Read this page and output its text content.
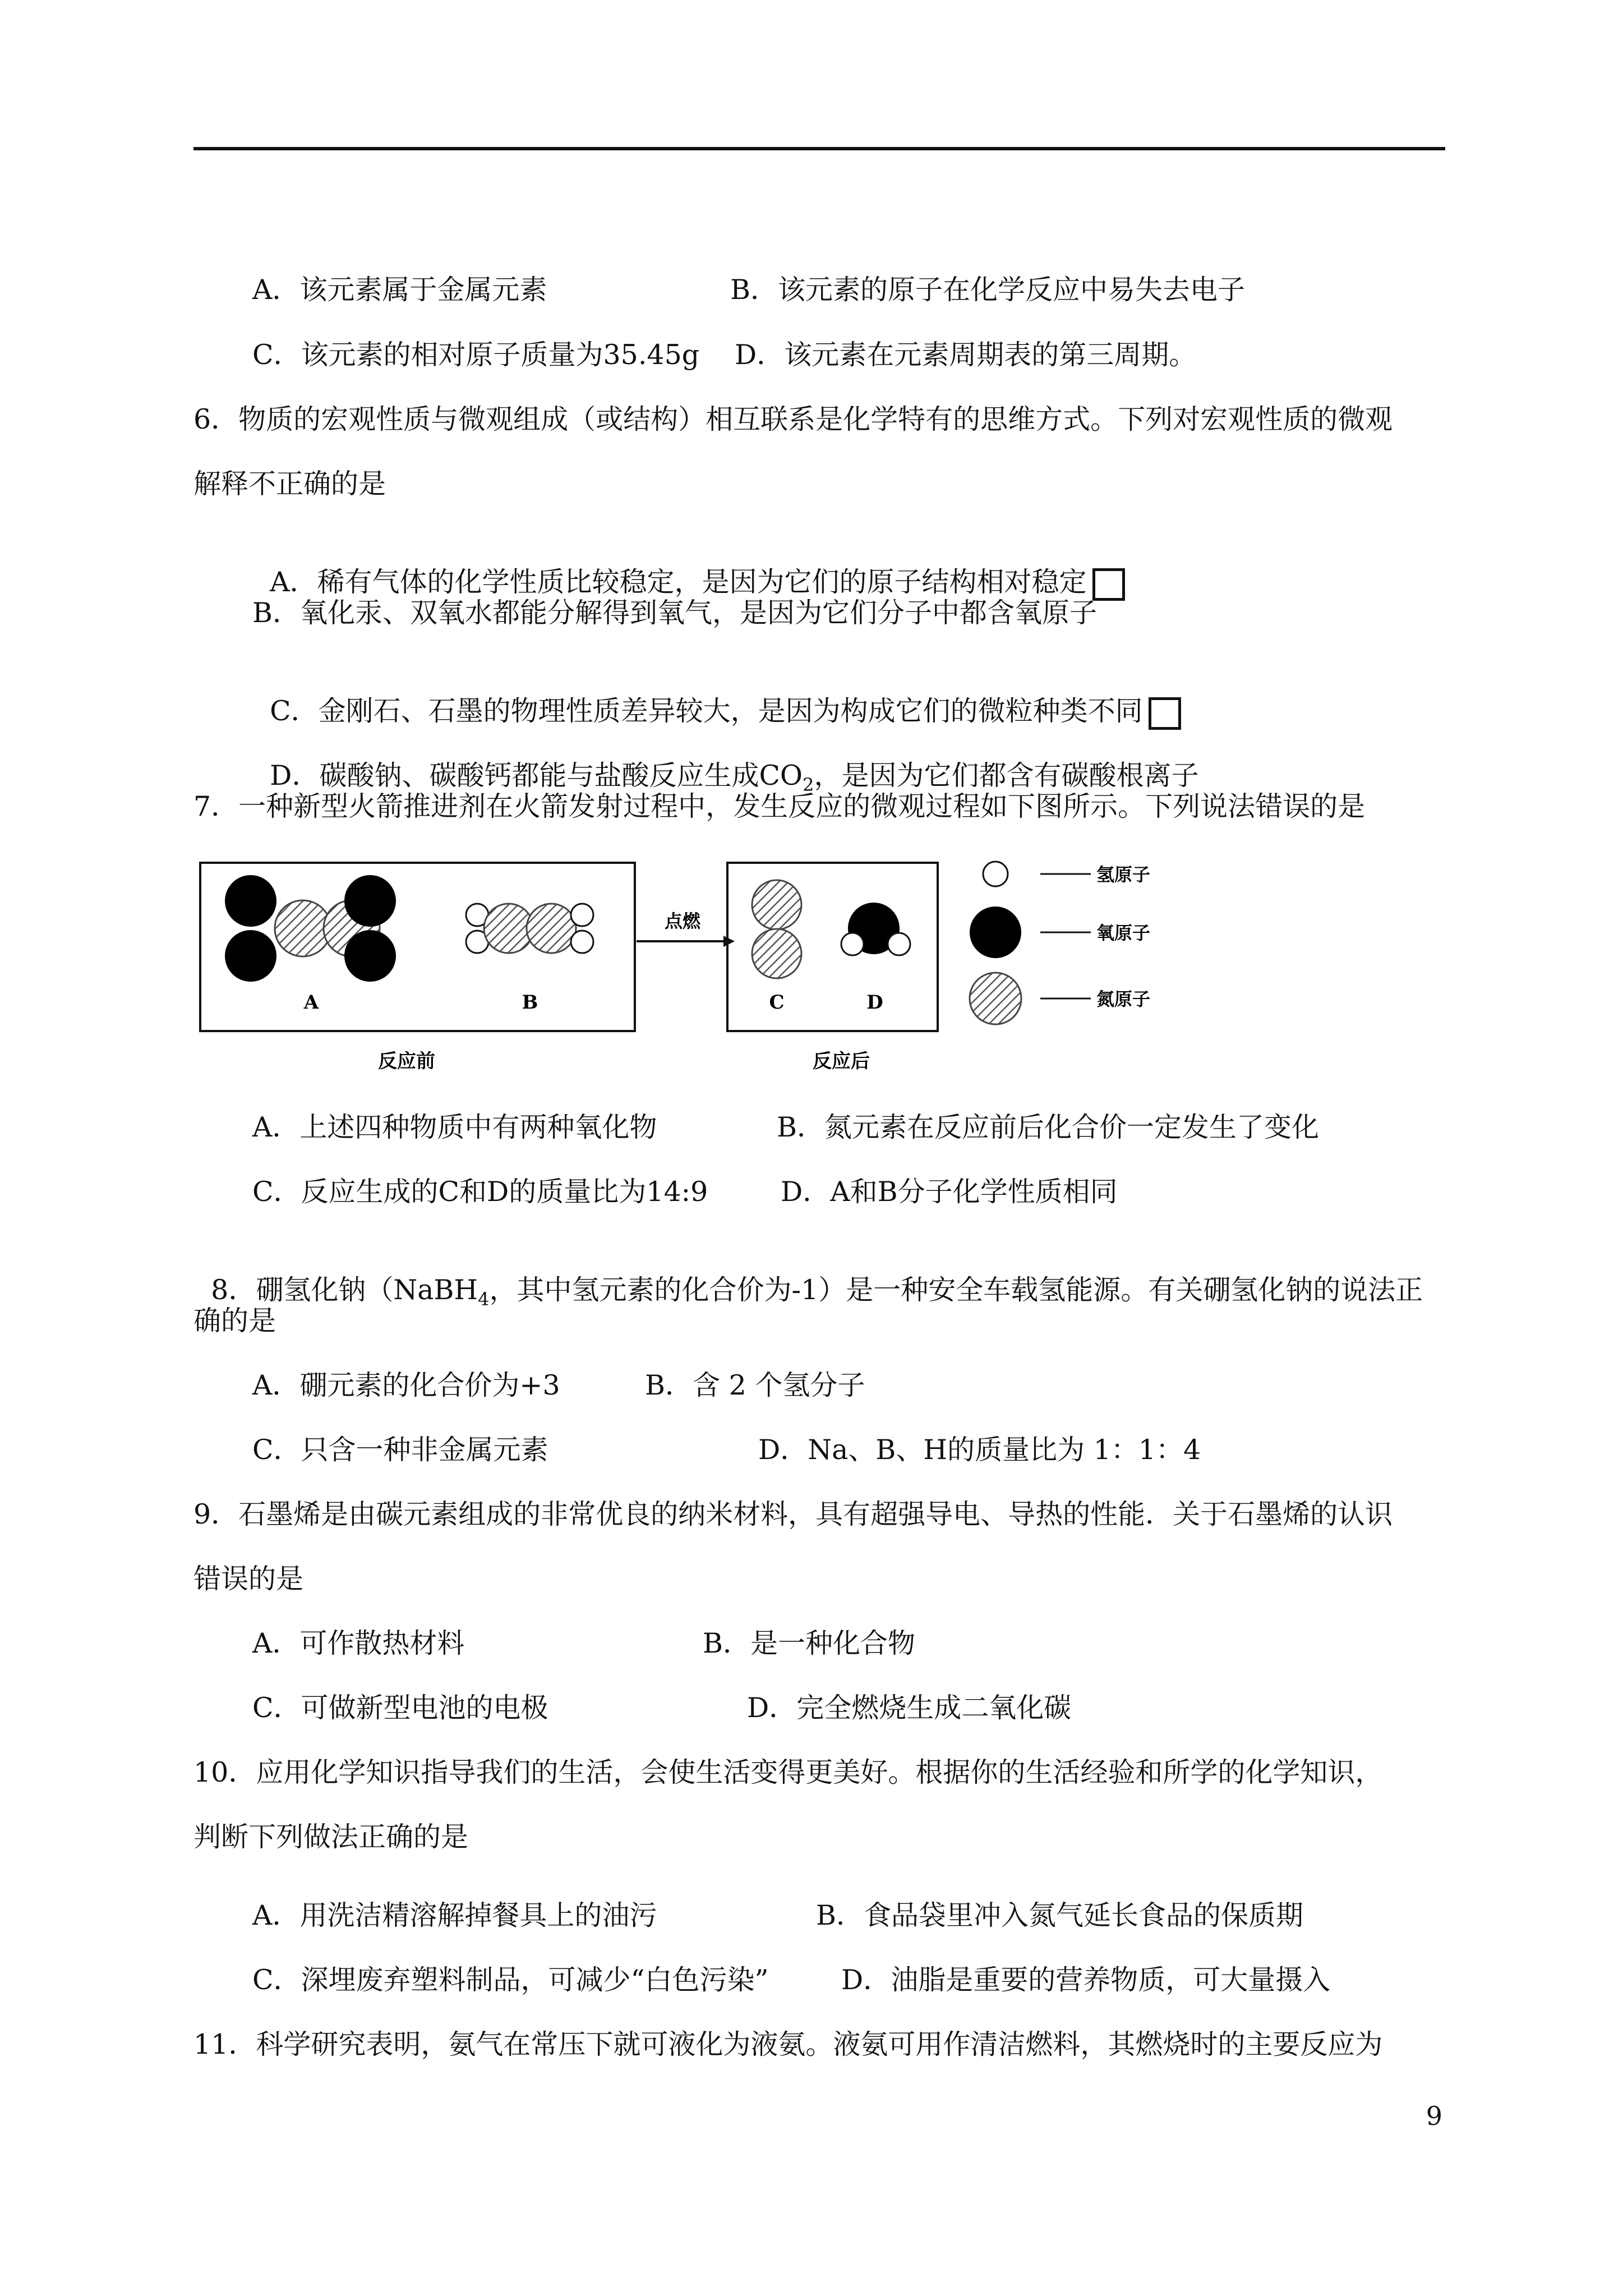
A．该元素属于金属元素	B．该元素的原子在化学反应中易失去电子
C．该元素的相对原子质量为35.45g D．该元素在元素周期表的第三周期。
6．物质的宏观性质与微观组成（或结构）相互联系是化学特有的思维方式。下列对宏观性质的微观
解释不正确的是

A．稀有气体的化学性质比较稳定，是因为它们的原子结构相对稳定

B．氧化汞、双氧水都能分解得到氧气，是因为它们分子中都含氧原子

C．金刚石、石墨的物理性质差异较大，是因为构成它们的微粒种类不同

D．碳酸钠、碳酸钙都能与盐酸反应生成$CO_2$，是因为它们都含有碳酸根离子

7．一种新型火箭推进剂在火箭发射过程中，发生反应的微观过程如下图所示。下列说法错误的是
A	B
反应前
点燃
C	D
反应后
氢原子
氧原子
氮原子
A．上述四种物质中有两种氧化物	B．氮元素在反应前后化合价一定发生了变化
C．反应生成的C和D的质量比为14:9	D．A和B分子化学性质相同

8．硼氢化钠（NaBH$_4$，其中氢元素的化合价为-1）是一种安全车载氢能源。有关硼氢化钠的说法正

确的是
A．硼元素的化合价为+3	B．含 2 个氢分子
C．只含一种非金属元素	D．Na、B、H的质量比为 1：1：4
9．石墨烯是由碳元素组成的非常优良的纳米材料，具有超强导电、导热的性能．关于石墨烯的认识
错误的是
A．可作散热材料	B．是一种化合物
C．可做新型电池的电极	D．完全燃烧生成二氧化碳
10．应用化学知识指导我们的生活，会使生活变得更美好。根据你的生活经验和所学的化学知识，
判断下列做法正确的是
A．用洗洁精溶解掉餐具上的油污	B．食品袋里冲入氮气延长食品的保质期
C．深埋废弃塑料制品，可减少“白色污染”	D．油脂是重要的营养物质，可大量摄入
11．科学研究表明，氨气在常压下就可液化为液氨。液氨可用作清洁燃料，其燃烧时的主要反应为
9
